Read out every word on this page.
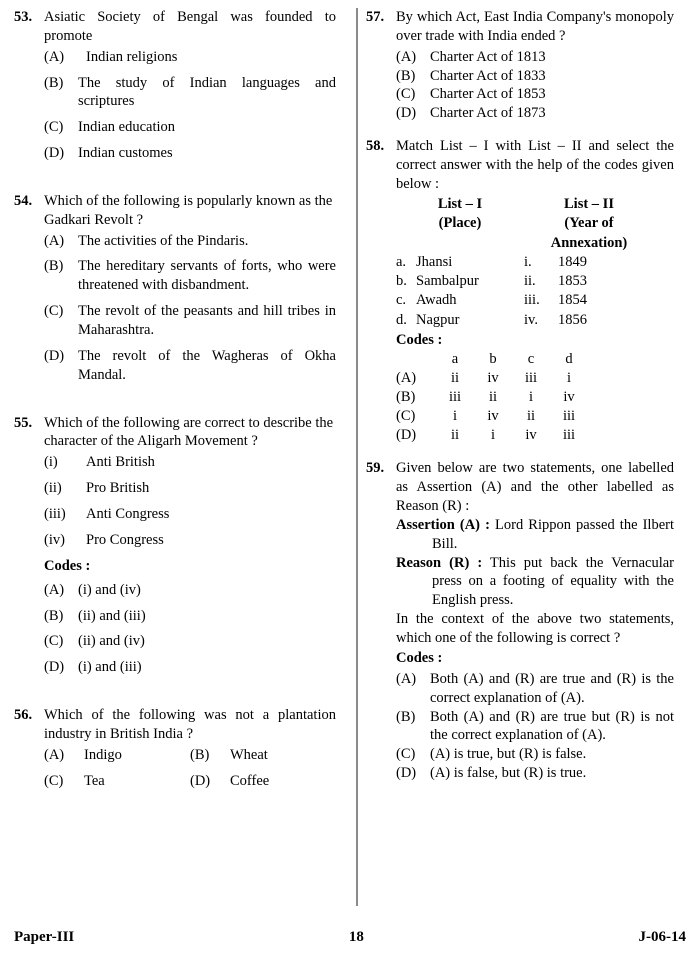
53. Asiatic Society of Bengal was founded to promote
(A)	Indian religions
(B)	The study of Indian languages and scriptures
(C)	Indian education
(D) Indian customes
54. Which of the following is popularly known as the Gadkari Revolt ?
(A) The activities of the Pindaris.
(B)	The hereditary servants of forts, who were threatened with disbandment.
(C)	The revolt of the peasants and hill tribes in Maharashtra.
(D) The revolt of the Wagheras of Okha Mandal.
55. Which of the following are correct to describe the character of the Aligarh Movement ?
(i)	Anti British
(ii)	Pro British
(iii)	Anti Congress
(iv)	Pro Congress
Codes :
(A) (i) and (iv)
(B)	(ii) and (iii)
(C)	(ii) and (iv)
(D) (i) and (iii)
56. Which of the following was not a plantation industry in British India ?
(A)	Indigo	(B)	Wheat
(C)	Tea	(D)	Coffee
57. By which Act, East India Company's monopoly over trade with India ended ?
(A) Charter Act of 1813
(B)	Charter Act of 1833
(C)	Charter Act of 1853
(D) Charter Act of 1873
58. Match List – I with List – II and select the correct answer with the help of the codes given below :
List – I	List – II
(Place)	(Year of
Annexation)
a. Jhansi	i.	1849
b. Sambalpur	ii.	1853
c. Awadh	iii.	1854
d. Nagpur	iv.	1856
Codes :
a	b	c	d
(A)	ii	iv	iii	i
(B)	iii	ii	i	iv
(C)	i	iv	ii	iii
(D)	ii	i	iv	iii
59. Given below are two statements, one labelled as Assertion (A) and the other labelled as Reason (R) :
Assertion (A) : Lord Rippon passed the Ilbert Bill.
Reason (R) : This put back the Vernacular press on a footing of equality with the English press.
In the context of the above two statements, which one of the following is correct ?
Codes :
(A) Both (A) and (R) are true and (R) is the correct explanation of (A).
(B)	Both (A) and (R) are true but (R) is not the correct explanation of (A).
(C)	(A) is true, but (R) is false.
(D) (A) is false, but (R) is true.
Paper-III	18	J-06-14
